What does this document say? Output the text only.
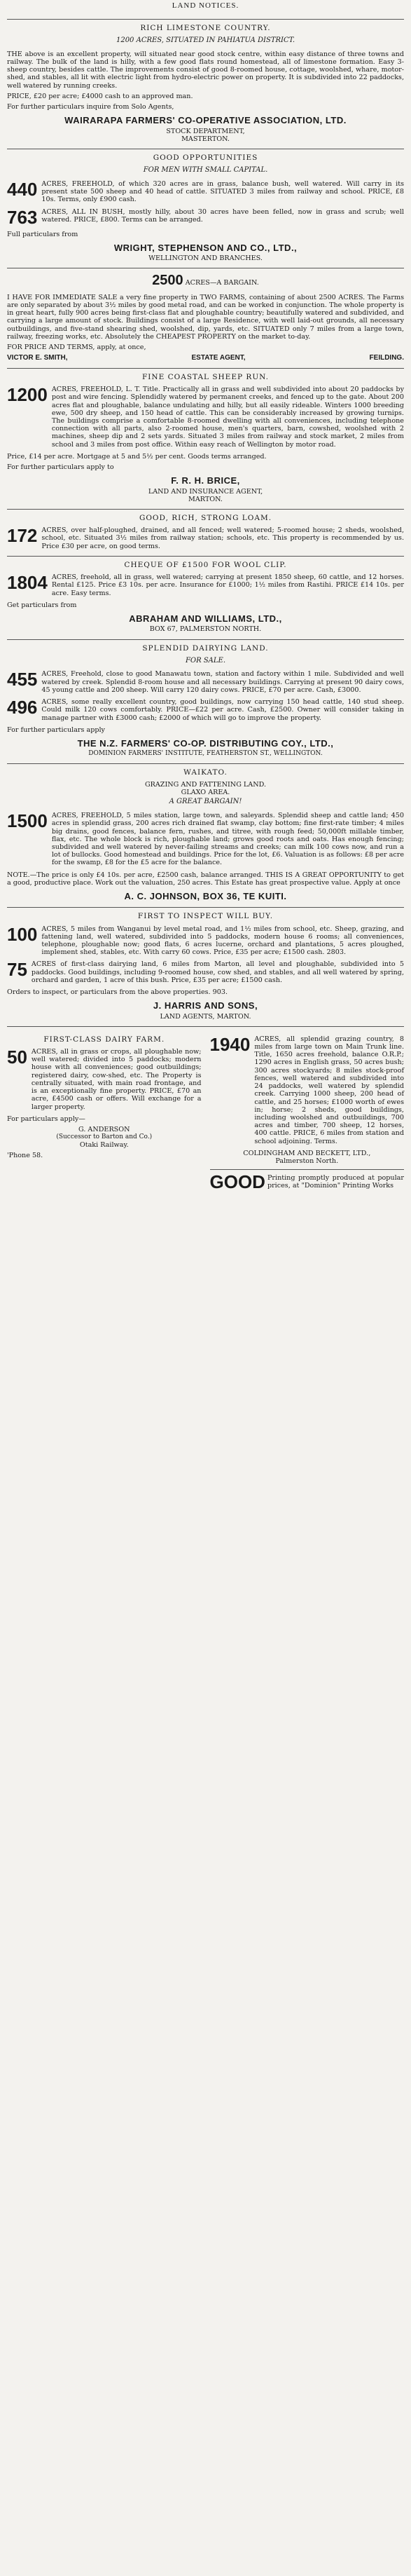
LAND NOTICES.
RICH LIMESTONE COUNTRY.
1200 ACRES, SITUATED IN PAHIATUA DISTRICT.
THE above is an excellent property, will situated near good stock centre, within easy distance of three towns and railway. The bulk of the land is hilly, with a few good flats round homestead, all of limestone formation. Easy 3-sheep country, besides cattle. The improvements consist of good 8-roomed house, cottage, woolshed, whare, motor-shed, and stables, all lit with electric light from hydro-electric power on property. It is subdivided into 22 paddocks, well watered by running creeks.
PRICE, £20 per acre; £4000 cash to an approved man.
For further particulars inquire from Solo Agents,
WAIRARAPA FARMERS' CO-OPERATIVE ASSOCIATION, LTD.
STOCK DEPARTMENT,
MASTERTON.
GOOD OPPORTUNITIES
FOR MEN WITH SMALL CAPITAL.
440 ACRES, FREEHOLD, of which 320 acres are in grass, balance bush, well watered. Will carry in its present state 500 sheep and 40 head of cattle. SITUATED 3 miles from railway and school. PRICE, £8 10s. Terms, only £900 cash.
763 ACRES, ALL IN BUSH, mostly hilly, about 30 acres have been felled, now in grass and scrub; well watered. PRICE, £800. Terms can be arranged.
Full particulars from
WRIGHT, STEPHENSON AND CO., LTD.,
WELLINGTON AND BRANCHES.
2500 ACRES—A BARGAIN.
I HAVE FOR IMMEDIATE SALE a very fine property in TWO FARMS, containing of about 2500 ACRES. The Farms are only separated by about 3½ miles by good metal road, and can be worked in conjunction. The whole property is in great heart, fully 900 acres being first-class flat and ploughable country; beautifully watered and subdivided, and carrying a large amount of stock. Buildings consist of a large Residence, with well laid-out grounds, all necessary outbuildings, and five-stand shearing shed, woolshed, dip, yards, etc. SITUATED only 7 miles from a large town, railway, freezing works, etc. Absolutely the CHEAPEST PROPERTY on the market to-day.
FOR PRICE AND TERMS, apply, at once,
VICTOR E. SMITH,	ESTATE AGENT,	FEILDING.
FINE COASTAL SHEEP RUN.
1200 ACRES, FREEHOLD, L. T. Title. Practically all in grass and well subdivided into about 20 paddocks by post and wire fencing. Splendidly watered by permanent creeks, and fenced up to the gate. About 200 acres flat and ploughable, balance undulating and hilly, but all easily rideable. Winters 1000 breeding ewe, 500 dry sheep, and 150 head of cattle. This can be considerably increased by growing turnips. The buildings comprise a comfortable 8-roomed dwelling with all conveniences, including telephone connection with all parts, also 2-roomed house, men's quarters, barn, cowshed, woolshed with 2 machines, sheep dip and 2 sets yards. Situated 3 miles from railway and stock market, 2 miles from school and 3 miles from post office. Within easy reach of Wellington by motor road.
Price, £14 per acre. Mortgage at 5 and 5½ per cent. Goods terms arranged.
For further particulars apply to
F. R. H. BRICE,
LAND AND INSURANCE AGENT,
MARTON.
GOOD, RICH, STRONG LOAM.
172 ACRES, over half-ploughed, drained, and all fenced; well watered; 5-roomed house; 2 sheds, woolshed, school, etc. Situated 3½ miles from railway station; schools, etc. This property is recommended by us. Price £30 per acre, on good terms.
CHEQUE OF £1500 FOR WOOL CLIP.
1804 ACRES, freehold, all in grass, well watered; carrying at present 1850 sheep, 60 cattle, and 12 horses. Rental £125. Price £3 10s. per acre. Insurance for £1000; 1½ miles from Rastihi. PRICE £14 10s. per acre. Easy terms.
Get particulars from
ABRAHAM AND WILLIAMS, LTD.,
BOX 67, PALMERSTON NORTH.
SPLENDID DAIRYING LAND.
FOR SALE.
455 ACRES, Freehold, close to good Manawatu town, station and factory within 1 mile. Subdivided and well watered by creek. Splendid 8-room house and all necessary buildings. Carrying at present 90 dairy cows, 45 young cattle and 200 sheep. Will carry 120 dairy cows. PRICE, £70 per acre. Cash, £3000.
496 ACRES, some really excellent country, good buildings, now carrying 150 head cattle, 140 stud sheep. Could milk 120 cows comfortably. PRICE—£22 per acre. Cash, £2500. Owner will consider taking in manage partner with £3000 cash; £2000 of which will go to improve the property.
For further particulars apply
THE N.Z. FARMERS' CO-OP. DISTRIBUTING COY., LTD.,
DOMINION FARMERS' INSTITUTE, FEATHERSTON ST., WELLINGTON.
WAIKATO.
GRAZING AND FATTENING LAND.
GLAXO AREA.
A GREAT BARGAIN!
1500 ACRES, FREEHOLD, 5 miles station, large town, and saleyards. Splendid sheep and cattle land; 450 acres in splendid grass, 200 acres rich drained flat swamp, clay bottom; fine first-rate timber; 4 miles big drains, good fences, balance fern, rushes, and titree, with rough feed; 50,000ft millable timber, flax, etc. The whole block is rich, ploughable land; grows good roots and oats. Has enough fencing; subdivided and well watered by never-failing streams and creeks; can milk 100 cows now, and run a lot of bullocks. Good homestead and buildings. Price for the lot, £6. Valuation is as follows: £8 per acre for the swamp, £8 for the £5 acre for the balance.
NOTE.—The price is only £4 10s. per acre, £2500 cash, balance arranged. THIS IS A GREAT OPPORTUNITY to get a good, productive place. Work out the valuation, 250 acres. This Estate has great prospective value. Apply at once
A. C. JOHNSON, BOX 36, TE KUITI.
FIRST TO INSPECT WILL BUY.
100 ACRES, 5 miles from Wanganui by level metal road, and 1½ miles from school, etc. Sheep, grazing, and fattening land, well watered, subdivided into 5 paddocks, modern house 6 rooms; all conveniences, telephone, ploughable now; good flats, 6 acres lucerne, orchard and plantations, 5 acres ploughed, implement shed, stables, etc. With carry 60 cows. Price, £35 per acre; £1500 cash. 2803.
75 ACRES of first-class dairying land, 6 miles from Marton, all level and ploughable, subdivided into 5 paddocks. Good buildings, including 9-roomed house, cow shed, and stables, and all well watered by spring, orchard and garden, 1 acre of this bush. Price, £35 per acre; £1500 cash.
Orders to inspect, or particulars from the above properties. 903.
J. HARRIS AND SONS,
LAND AGENTS, MARTON.
FIRST-CLASS DAIRY FARM.
50 ACRES, all in grass or crops, all ploughable now; well watered; divided into 5 paddocks; modern house with all conveniences; good outbuildings; registered dairy, cow-shed, etc. The Property is centrally situated, with main road frontage, and is an exceptionally fine property. PRICE, £70 an acre, £4500 cash or offers. Will exchange for a larger property.
For particulars apply—
G. ANDERSON
(Successor to Barton and Co.)
Otaki Railway.
'Phone 58.
1940 ACRES, all splendid grazing country, 8 miles from large town on Main Trunk line. Title, 1650 acres freehold, balance O.R.P.; 1290 acres in English grass, 50 acres bush; 300 acres stockyards; 8 miles stock-proof fences, well watered and subdivided into 24 paddocks, well watered by splendid creek. Carrying 1000 sheep, 200 head of cattle, and 25 horses; £1000 worth of ewes in; horse; 2 sheds, good buildings, including woolshed and outbuildings, 700 acres and timber, 700 sheep, 12 horses, 400 cattle. PRICE, 6 miles from station and school adjoining. Terms.
COLDINGHAM AND BECKETT, LTD.,
Palmerston North.
GOOD Printing promptly produced at popular prices, at "Dominion" Printing Works
